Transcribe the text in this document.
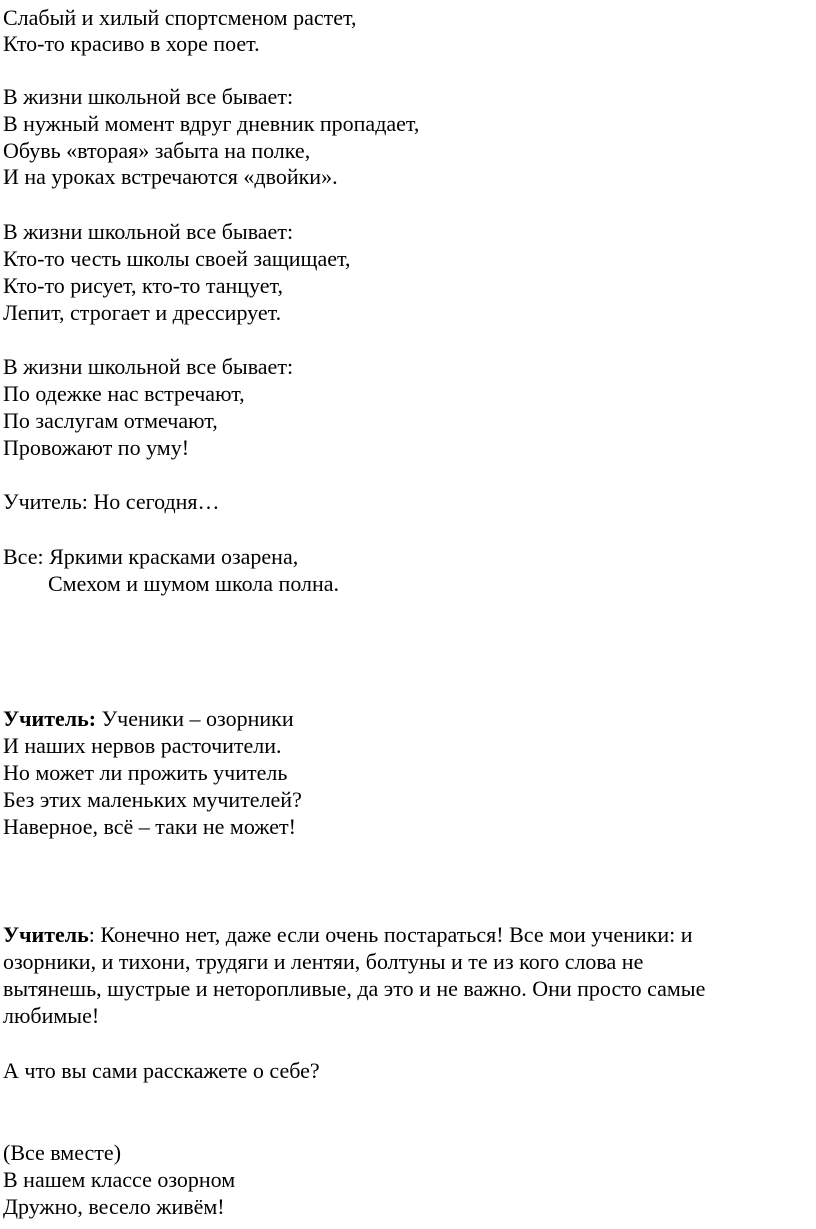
Слабый и хилый спортсменом растет,
Кто-то красиво в хоре поет.
В жизни школьной все бывает:
В нужный момент вдруг дневник пропадает,
Обувь «вторая» забыта на полке,
И на уроках встречаются «двойки».
В жизни школьной все бывает:
Кто-то честь школы своей защищает,
Кто-то рисует, кто-то танцует,
Лепит, строгает и дрессирует.
В жизни школьной все бывает:
По одежке нас встречают,
По заслугам отмечают,
Провожают по уму!
Учитель: Но сегодня…
Все: Яркими красками озарена,
Смехом и шумом школа полна.
Учитель: Ученики – озорники
И наших нервов расточители.
Но может ли прожить учитель
Без этих маленьких мучителей?
Наверное, всё – таки не может!
Учитель: Конечно нет, даже если очень постараться! Все мои ученики: и
озорники, и тихони, трудяги и лентяи, болтуны и те из кого слова не
вытянешь, шустрые и неторопливые, да это и не важно. Они просто самые
любимые!
А что вы сами расскажете о себе?
(Все вместе)
В нашем классе озорном
Дружно, весело живём!
